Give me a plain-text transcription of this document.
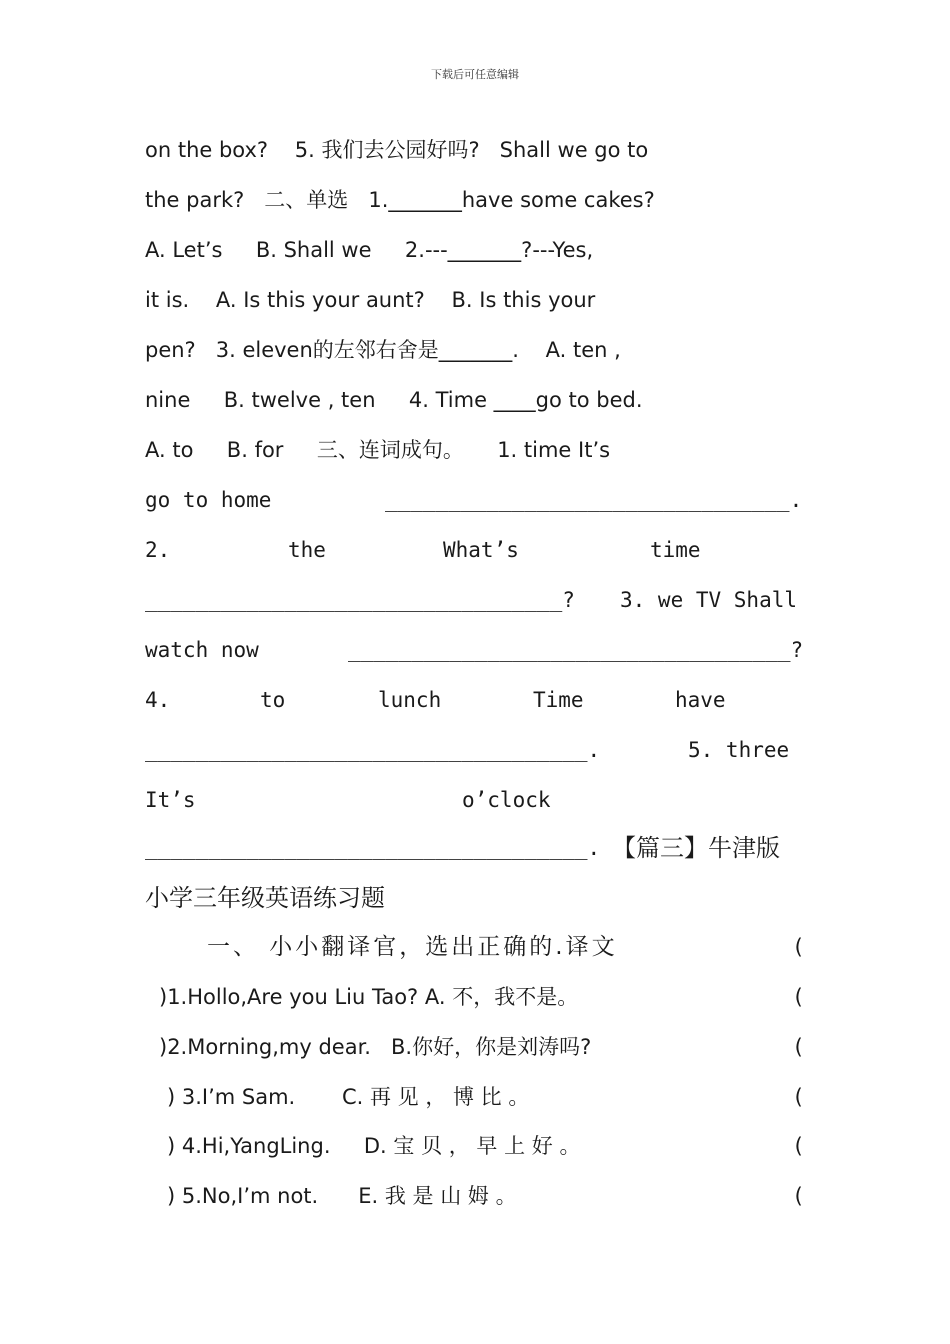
下载后可任意编辑

on the box?    5. 我们去公园好吗?   Shall we go to

the park?   二、单选   1._______have some cakes?

A. Let’s     B. Shall we     2.---_______?---Yes,

it is.    A. Is this your aunt?    B. Is this your

pen?   3. eleven的左邻右舍是_______.    A. ten ,

nine     B. twelve , ten     4. Time ____go to bed.

A. to     B. for     三、连词成句。     1. time It’s

go to home

	________________________________.

2.

	the

	What’s

	time

_________________________________?

3. we TV Shall

watch now

	___________________________________?

4.

	to

	lunch

	Time

	have

___________________________________.

	5. three

It’s

	o’clock

___________________________________.

【篇三】牛津版

小学三年级英语练习题

一、 小小翻译官，选出正确的.译文

	(

)1.Hollo,Are you Liu Tao? A. 不，我不是。

	(

)2.Morning,my dear.   B.你好，你是刘涛吗?

	(

) 3.I’m Sam.       C. 再 见 ， 博 比 。

	(

) 4.Hi,YangLing.     D. 宝 贝 ， 早 上 好 。

	(

) 5.No,I’m not.      E. 我 是 山 姆 。

	(
